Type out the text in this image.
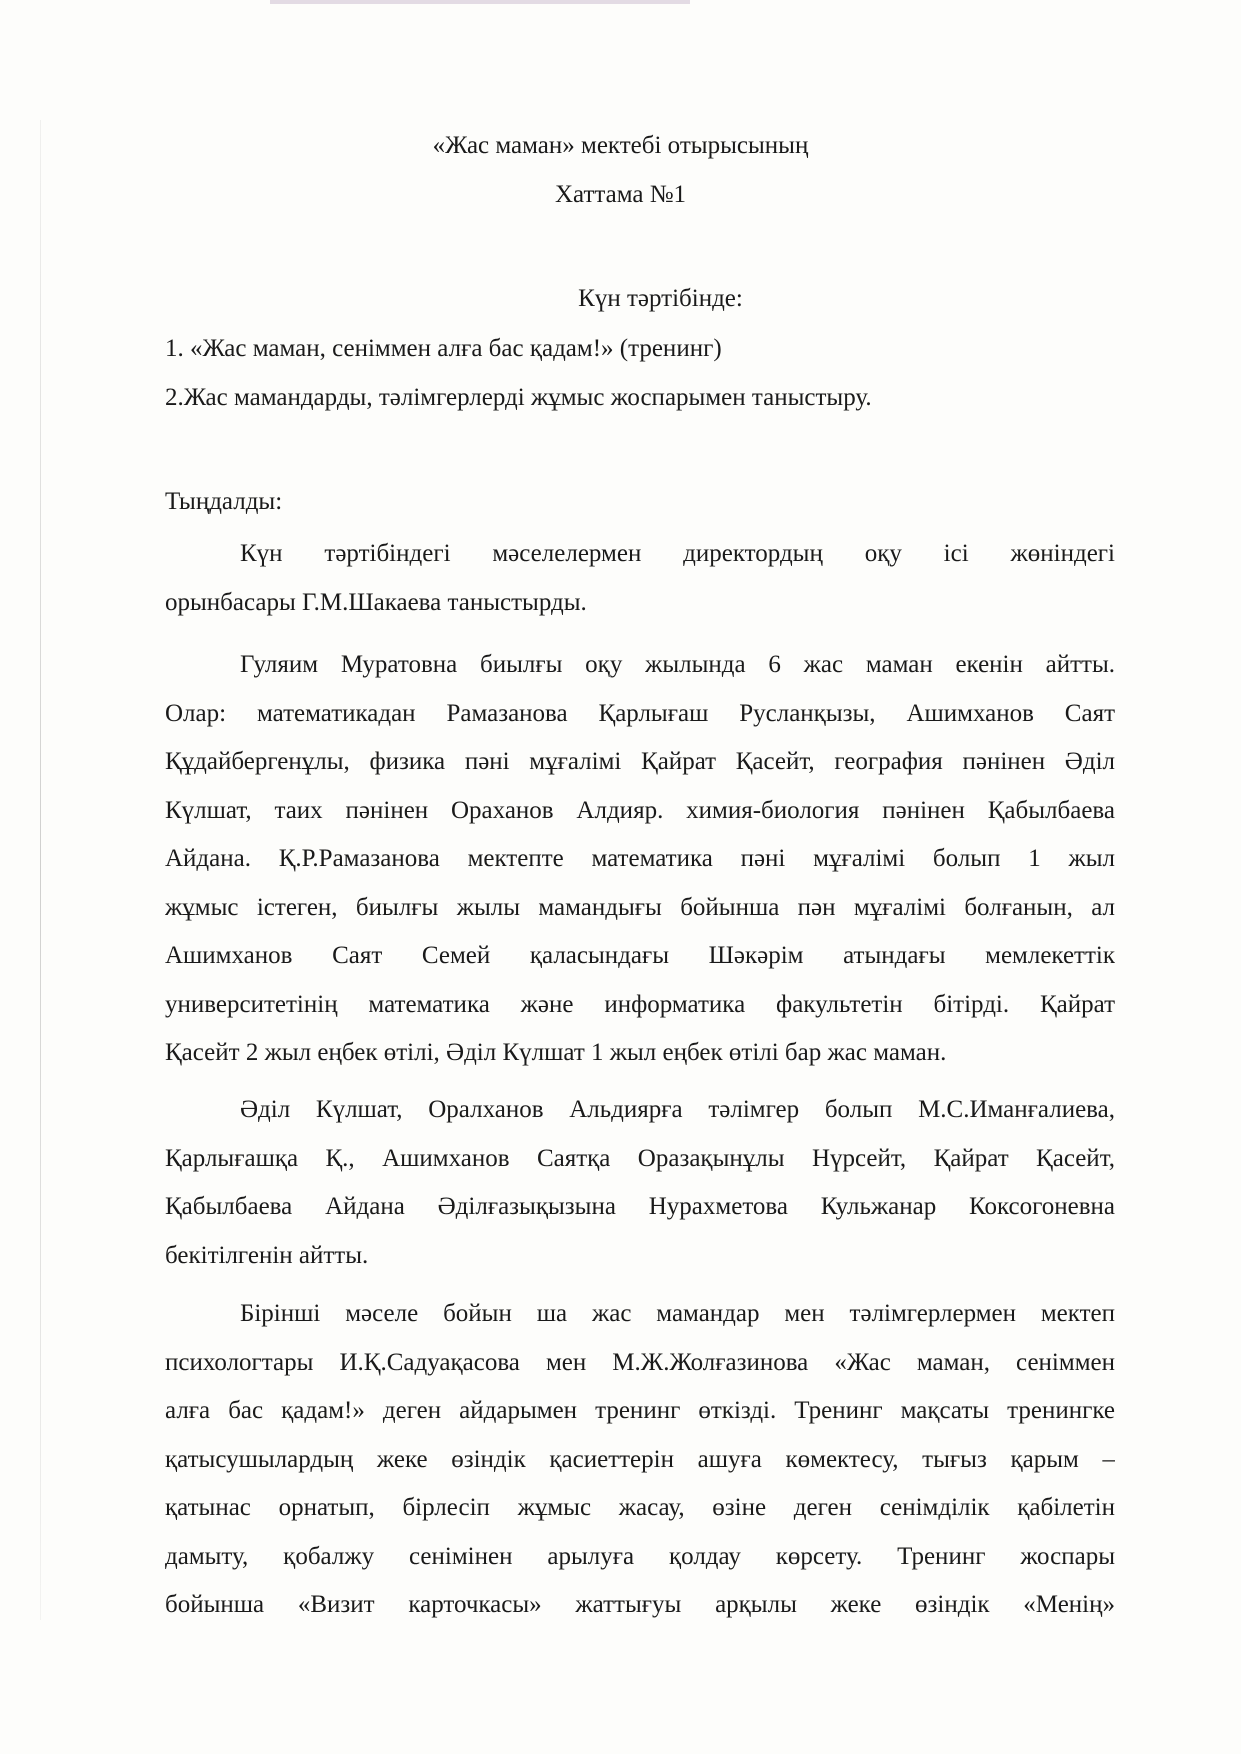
«Жас маман» мектебі отырысының
Хаттама №1
Күн тәртібінде:
1. «Жас маман, сеніммен алға бас қадам!» (тренинг)
2.Жас мамандарды, тәлімгерлерді жұмыс жоспарымен таныстыру.
Тыңдалды:
Күн тәртібіндегі мәселелермен директордың оқу ісі жөніндегі
орынбасары Г.М.Шакаева таныстырды.
Гуляим Муратовна биылғы оқу жылында 6 жас маман екенін айтты.
Олар: математикадан Рамазанова Қарлығаш Русланқызы, Ашимханов Саят
Құдайбергенұлы, физика пәні мұғалімі Қайрат Қасейт, география пәнінен Әділ
Күлшат, таих пәнінен Ораханов Алдияр. химия-биология пәнінен Қабылбаева
Айдана. Қ.Р.Рамазанова мектепте математика пәні мұғалімі болып 1 жыл
жұмыс істеген, биылғы жылы мамандығы бойынша пән мұғалімі болғанын, ал
Ашимханов Саят Семей қаласындағы Шәкәрім атындағы мемлекеттік
университетінің математика және информатика факультетін бітірді. Қайрат
Қасейт 2 жыл еңбек өтілі, Әділ Күлшат 1 жыл еңбек өтілі бар жас маман.
Әділ Күлшат, Оралханов Альдиярға тәлімгер болып М.С.Иманғалиева,
Қарлығашқа Қ., Ашимханов Саятқа Оразақынұлы Нүрсейт, Қайрат Қасейт,
Қабылбаева Айдана Әділғазықызына Нурахметова Кульжанар Коксогоневна
бекітілгенін айтты.
Бірінші мәселе бойын ша жас мамандар мен тәлімгерлермен мектеп
психологтары И.Қ.Садуақасова мен М.Ж.Жолғазинова «Жас маман, сеніммен
алға бас қадам!» деген айдарымен тренинг өткізді. Тренинг мақсаты тренингке
қатысушылардың жеке өзіндік қасиеттерін ашуға көмектесу, тығыз қарым –
қатынас орнатып, бірлесіп жұмыс жасау, өзіне деген сенімділік қабілетін
дамыту, қобалжу сенімінен арылуға қолдау көрсету. Тренинг жоспары
бойынша «Визит карточкасы» жаттығуы арқылы жеке өзіндік «Менің»
